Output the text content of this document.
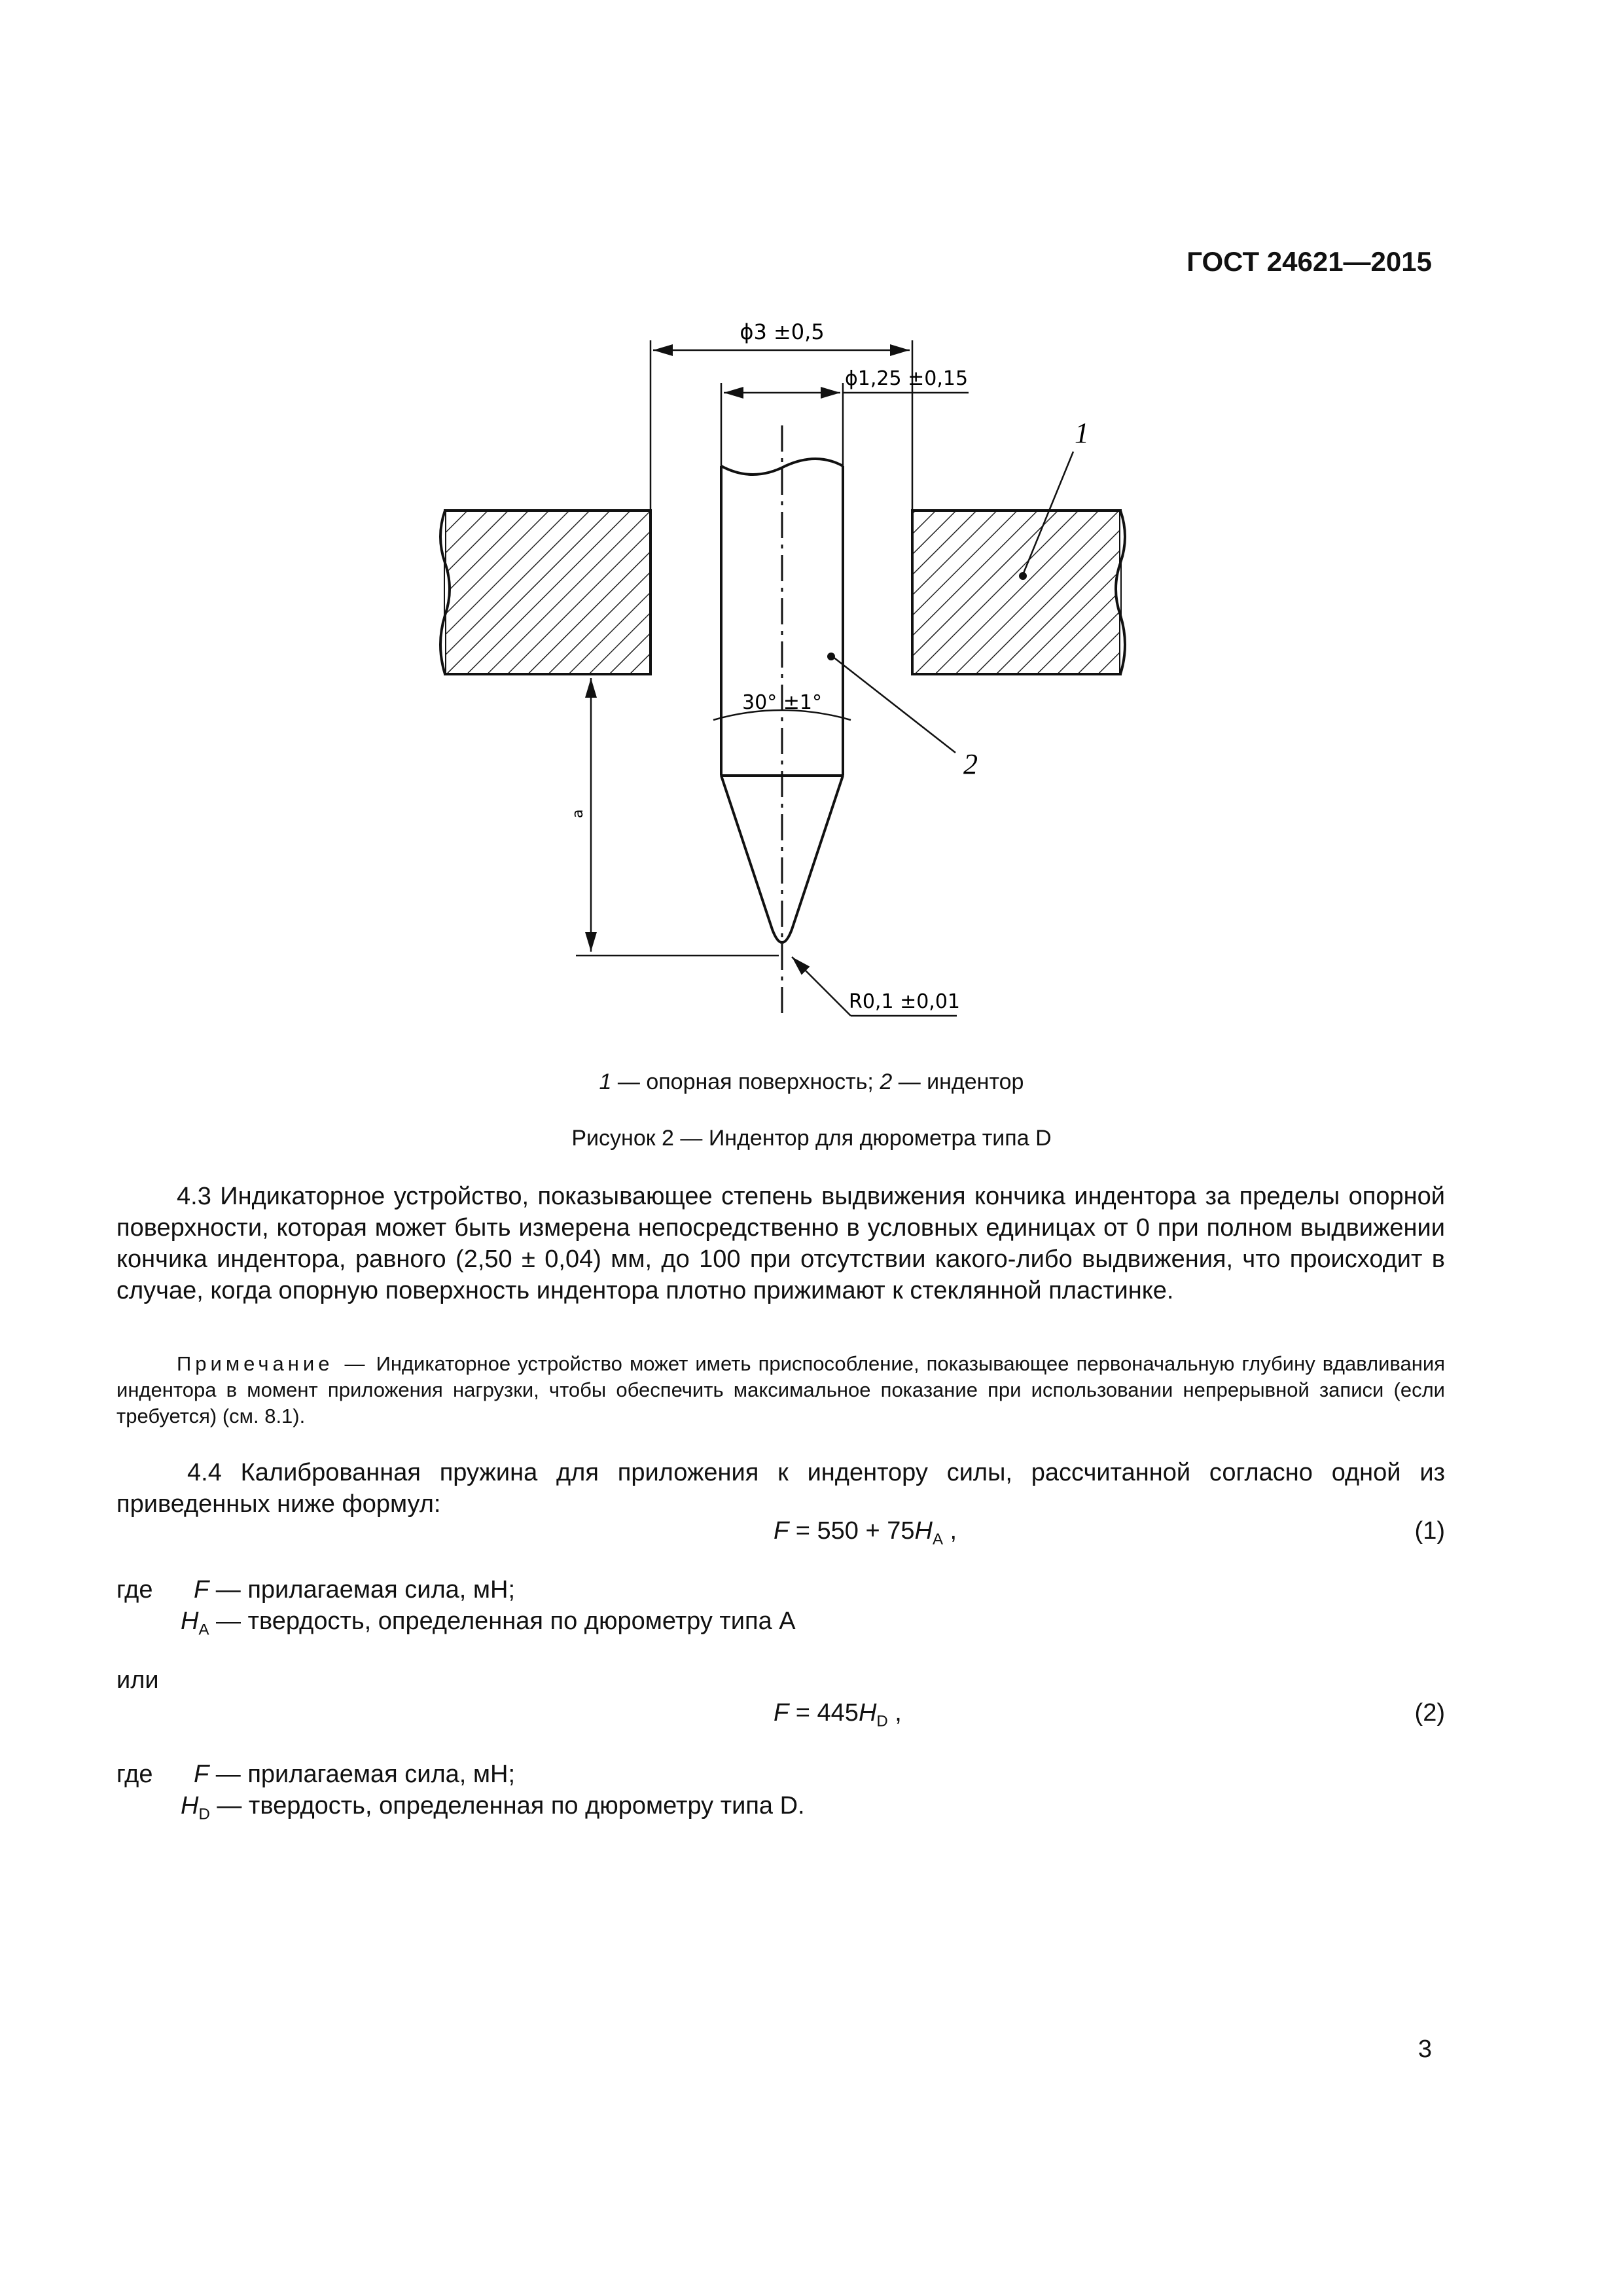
ГОСТ 24621—2015
ϕ3 ±0,5
ϕ1,25 ±0,15
30° ±1°
a
R0,1 ±0,01
1
2
1 — опорная поверхность; 2 — индентор
Рисунок 2 — Индентор для дюрометра типа D
4.3 Индикаторное устройство, показывающее степень выдвижения кончика индентора за пределы опорной поверхности, которая может быть измерена непосредственно в условных единицах от 0 при полном выдвижении кончика индентора, равного (2,50 ± 0,04) мм, до 100 при отсутствии какого-либо выдвижения, что происходит в случае, когда опорную поверхность индентора плотно прижимают к стеклянной пластинке.
Примечание — Индикаторное устройство может иметь приспособление, показывающее первоначальную глубину вдавливания индентора в момент приложения нагрузки, чтобы обеспечить максимальное показание при использовании непрерывной записи (если требуется) (см. 8.1).
4.4 Калиброванная пружина для приложения к индентору силы, рассчитанной согласно одной из приведенных ниже формул:
$F = 550 + 75H_A$ ,	(1)
где F — прилагаемая сила, мН;
$H_A$ — твердость, определенная по дюрометру типа А
или
$F = 445H_D$ ,	(2)
где F — прилагаемая сила, мН;
$H_D$ — твердость, определенная по дюрометру типа D.
3
